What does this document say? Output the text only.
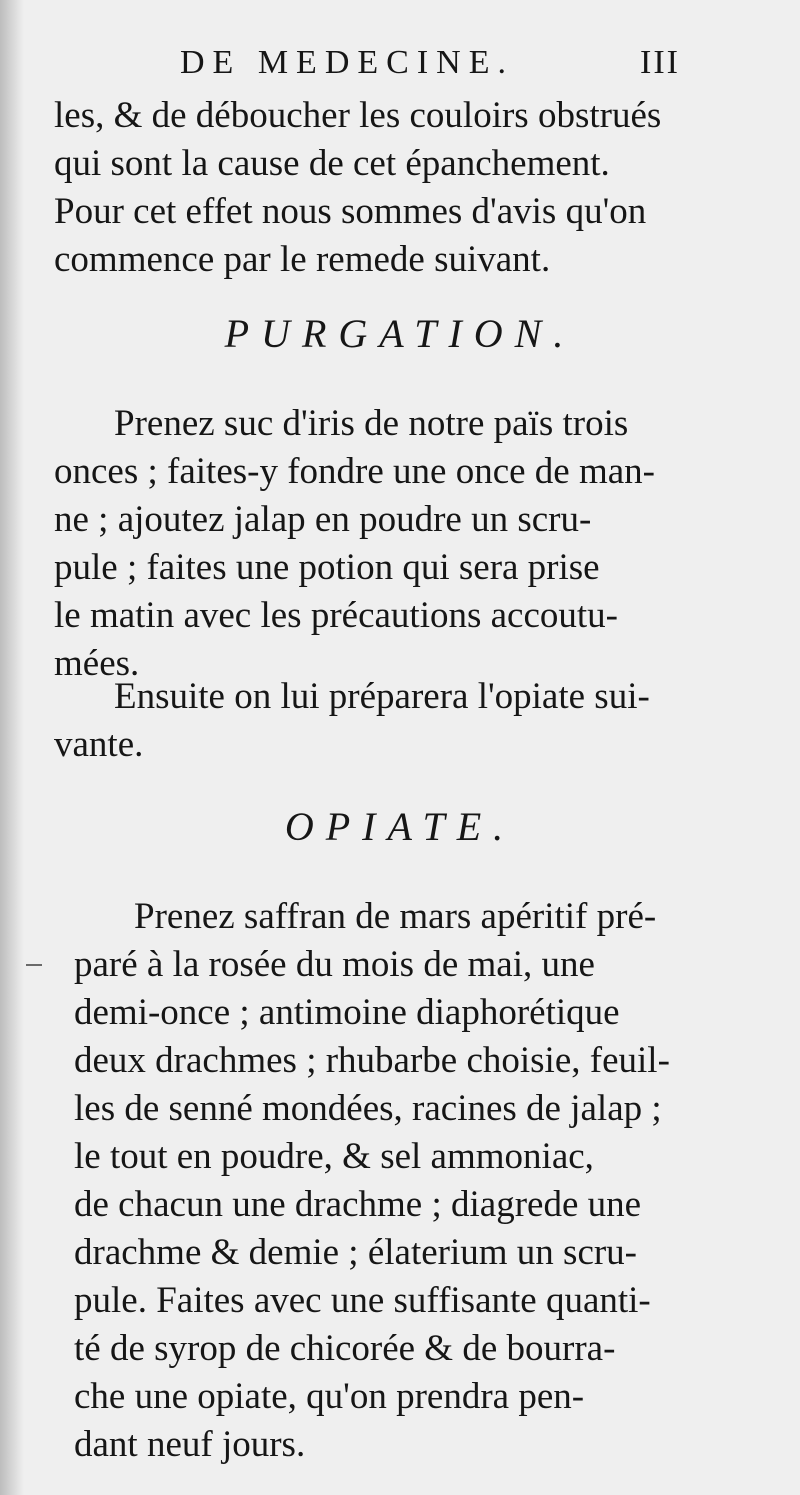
DE MEDECINE.	III
les, & de déboucher les couloirs obstrués
qui sont la cause de cet épanchement.
Pour cet effet nous sommes d'avis qu'on
commence par le remede suivant.
PURGATION.
Prenez suc d'iris de notre païs trois
onces ; faites-y fondre une once de man-
ne ; ajoutez jalap en poudre un scru-
pule ; faites une potion qui sera prise
le matin avec les précautions accoutu-
mées.
Ensuite on lui préparera l'opiate sui-
vante.
OPIATE.
Prenez saffran de mars apéritif pré-
paré à la rosée du mois de mai, une
demi-once ; antimoine diaphorétique
deux drachmes ; rhubarbe choisie, feuil-
les de senné mondées, racines de jalap ;
le tout en poudre, & sel ammoniac,
de chacun une drachme ; diagrede une
drachme & demie ; élaterium un scru-
pule. Faites avec une suffisante quanti-
té de syrop de chicorée & de bourra-
che une opiate, qu'on prendra pen-
dant neuf jours.
